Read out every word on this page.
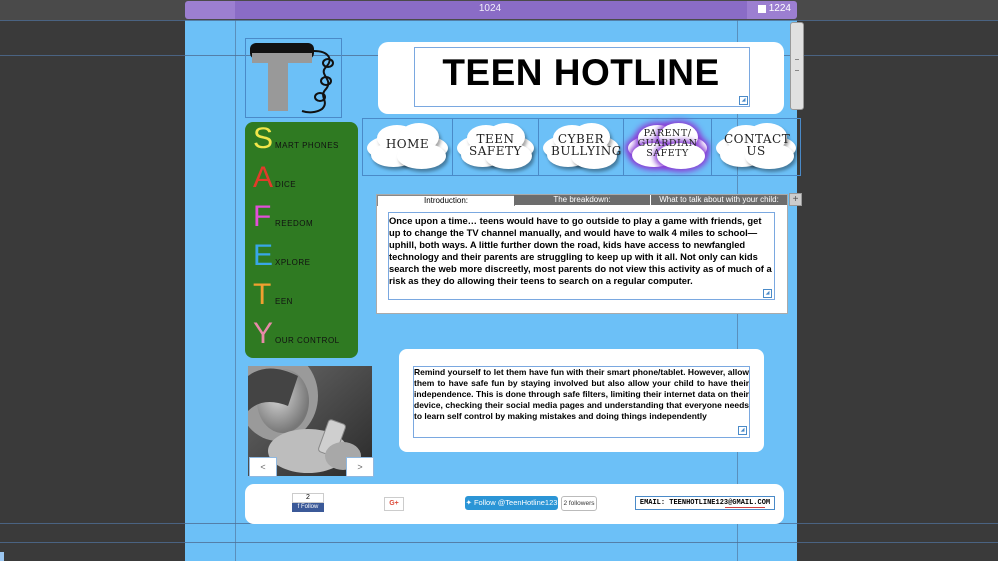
1024	1224
TEEN HOTLINE
◢
HOME	TEEN SAFETY
CYBER BULLYING
PARENT/ GUARDIAN SAFETY
CONTACT US
Introduction:	The breakdown:	What to talk about with your child:	+
Once upon a time… teens would have to go outside to play a game with friends, get up to change the TV channel manually, and would have to walk 4 miles to school—uphill, both ways. A little further down the road, kids have access to newfangled technology and their parents are struggling to keep up with it all. Not only can kids search the web more discreetly, most parents do not view this activity as of much of a risk as they do allowing their teens to search on a regular computer.
◢
Remind yourself to let them have fun with their smart phone/tablet. However, allow them to have safe fun by staying involved but also allow your child to have their independence. This is done through safe filters, limiting their internet data on their device, checking their social media pages and understanding that everyone needs to learn self control by making mistakes and doing things independently
◢
<	>
2
f Follow	G+	✦ Follow @TeenHotline123 2 followers	EMAIL: TEENHOTLINE123@GMAIL.COM
S MART PHONES
A DICE
F REEDOM
E XPLORE
T EEN
Y OUR CONTROL
